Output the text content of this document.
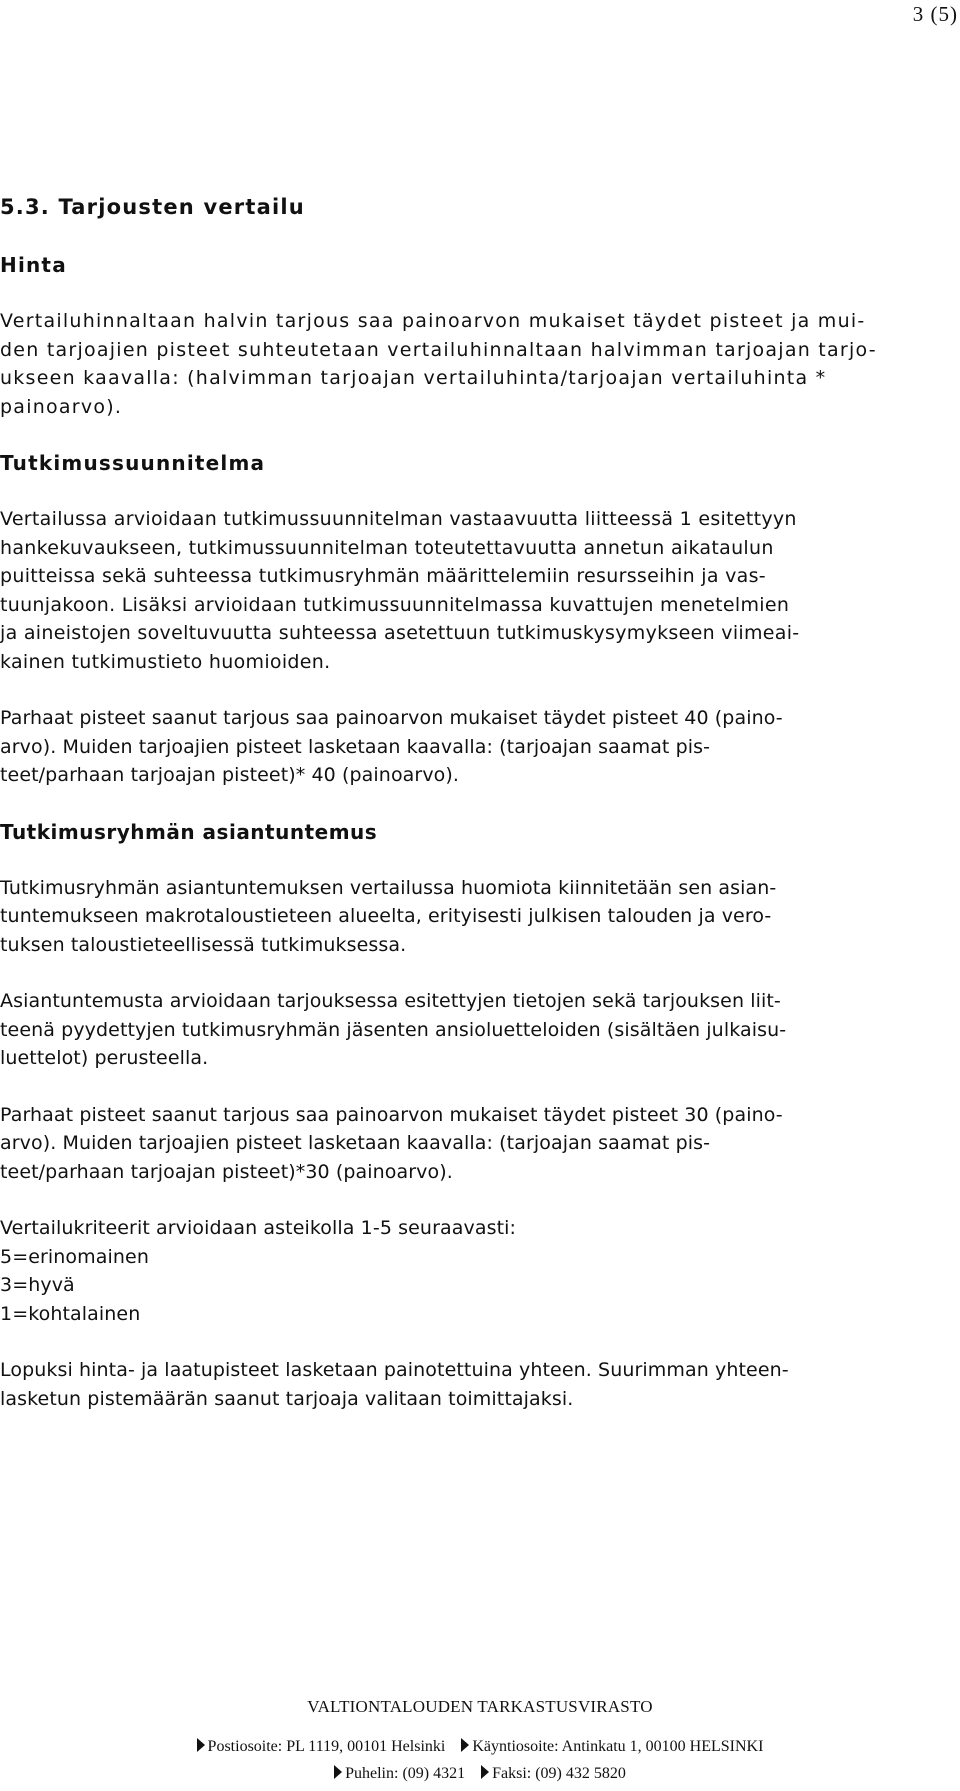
3 (5)
5.3. Tarjousten vertailu
Hinta
Vertailuhinnaltaan halvin tarjous saa painoarvon mukaiset täydet pisteet ja mui-
den tarjoajien pisteet suhteutetaan vertailuhinnaltaan halvimman tarjoajan tarjo-
ukseen kaavalla: (halvimman tarjoajan vertailuhinta/tarjoajan vertailuhinta *
painoarvo).
Tutkimussuunnitelma
Vertailussa arvioidaan tutkimussuunnitelman vastaavuutta liitteessä 1 esitettyyn
hankekuvaukseen, tutkimussuunnitelman toteutettavuutta annetun aikataulun
puitteissa sekä suhteessa tutkimusryhmän määrittelemiin resursseihin ja vas-
tuunjakoon. Lisäksi arvioidaan tutkimussuunnitelmassa kuvattujen menetelmien
ja aineistojen soveltuvuutta suhteessa asetettuun tutkimuskysymykseen viimeai-
kainen tutkimustieto huomioiden.
Parhaat pisteet saanut tarjous saa painoarvon mukaiset täydet pisteet 40 (paino-
arvo). Muiden tarjoajien pisteet lasketaan kaavalla: (tarjoajan saamat pis-
teet/parhaan tarjoajan pisteet)* 40 (painoarvo).
Tutkimusryhmän asiantuntemus
Tutkimusryhmän asiantuntemuksen vertailussa huomiota kiinnitetään sen asian-
tuntemukseen makrotaloustieteen alueelta, erityisesti julkisen talouden ja vero-
tuksen taloustieteellisessä tutkimuksessa.
Asiantuntemusta arvioidaan tarjouksessa esitettyjen tietojen sekä tarjouksen liit-
teenä pyydettyjen tutkimusryhmän jäsenten ansioluetteloiden (sisältäen julkaisu-
luettelot) perusteella.
Parhaat pisteet saanut tarjous saa painoarvon mukaiset täydet pisteet 30 (paino-
arvo). Muiden tarjoajien pisteet lasketaan kaavalla: (tarjoajan saamat pis-
teet/parhaan tarjoajan pisteet)*30 (painoarvo).
Vertailukriteerit arvioidaan asteikolla 1-5 seuraavasti:
5=erinomainen
3=hyvä
1=kohtalainen
Lopuksi hinta- ja laatupisteet lasketaan painotettuina yhteen. Suurimman yhteen-
lasketun pistemäärän saanut tarjoaja valitaan toimittajaksi.
VALTIONTALOUDEN TARKASTUSVIRASTO
Postiosoite: PL 1119, 00101 Helsinki Käyntiosoite: Antinkatu 1, 00100 HELSINKI
Puhelin: (09) 4321 Faksi: (09) 432 5820
